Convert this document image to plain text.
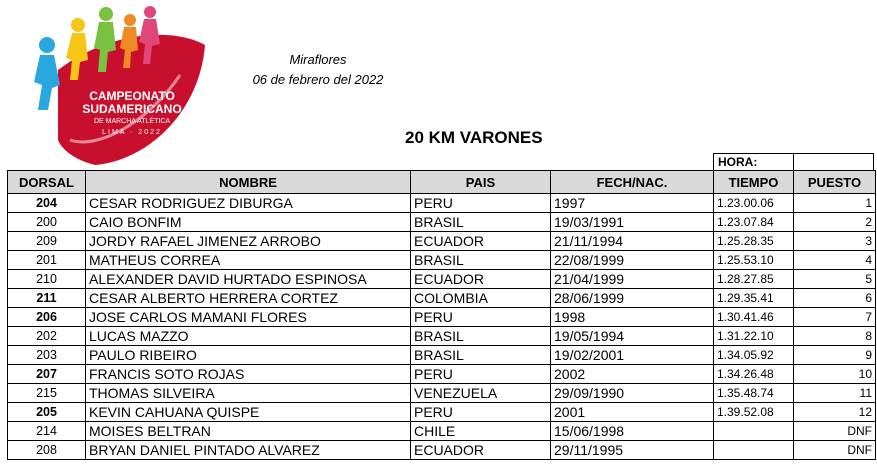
CAMPEONATO
SUDAMERICANO
DE MARCHA ATLÉTICA
LIMA · 2022
Miraflores
06 de febrero del 2022
20 KM VARONES
HORA:
DORSAL	NOMBRE	PAIS	FECH/NAC.	TIEMPO	PUESTO
204	CESAR RODRIGUEZ DIBURGA	PERU	1997	1.23.00.06	1
200	CAIO BONFIM	BRASIL	19/03/1991	1.23.07.84	2
209	JORDY RAFAEL JIMENEZ ARROBO	ECUADOR	21/11/1994	1.25.28.35	3
201	MATHEUS CORREA	BRASIL	22/08/1999	1.25.53.10	4
210	ALEXANDER DAVID HURTADO ESPINOSA	ECUADOR	21/04/1999	1.28.27.85	5
211	CESAR ALBERTO HERRERA CORTEZ	COLOMBIA	28/06/1999	1.29.35.41	6
206	JOSE CARLOS MAMANI FLORES	PERU	1998	1.30.41.46	7
202	LUCAS MAZZO	BRASIL	19/05/1994	1.31.22.10	8
203	PAULO RIBEIRO	BRASIL	19/02/2001	1.34.05.92	9
207	FRANCIS SOTO ROJAS	PERU	2002	1.34.26.48	10
215	THOMAS SILVEIRA	VENEZUELA	29/09/1990	1.35.48.74	11
205	KEVIN CAHUANA QUISPE	PERU	2001	1.39.52.08	12
214	MOISES BELTRAN	CHILE	15/06/1998		DNF
208	BRYAN DANIEL PINTADO ALVAREZ	ECUADOR	29/11/1995		DNF
